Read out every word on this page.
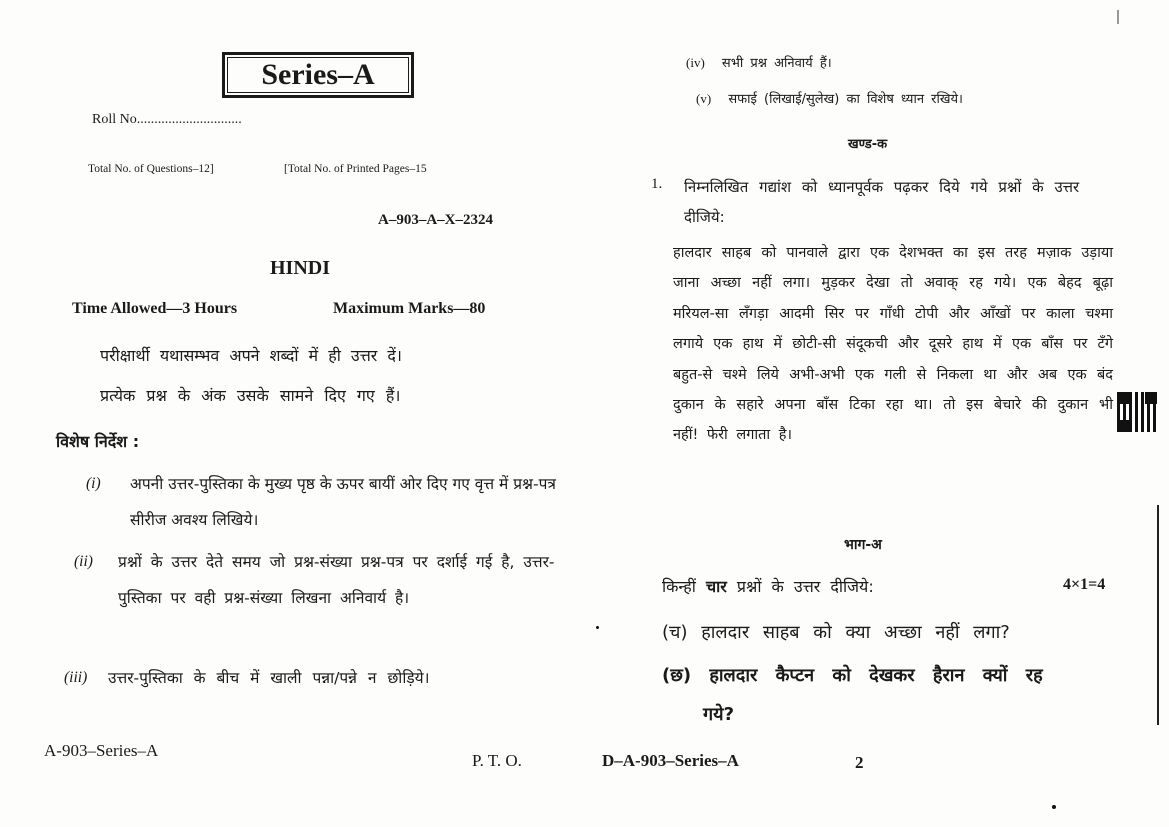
Series–A
Roll No..............................
Total No. of Questions–12]	[Total No. of Printed Pages–15
A–903–A–X–2324
HINDI
Time Allowed—3 Hours	Maximum Marks—80
परीक्षार्थी यथासम्भव अपने शब्दों में ही उत्तर दें।
प्रत्येक प्रश्न के अंक उसके सामने दिए गए हैं।
विशेष निर्देश :
(i) अपनी उत्तर-पुस्तिका के मुख्य पृष्ठ के ऊपर बायीं ओर दिए गए वृत्त में प्रश्न-पत्र सीरीज अवश्य लिखिये।
(ii) प्रश्नों के उत्तर देते समय जो प्रश्न-संख्या प्रश्न-पत्र पर दर्शाई गई है, उत्तर-पुस्तिका पर वही प्रश्न-संख्या लिखना अनिवार्य है।
(iii) उत्तर-पुस्तिका के बीच में खाली पन्ना/पन्ने न छोड़िये।
A-903–Series–A
P. T. O.
(iv) सभी प्रश्न अनिवार्य हैं।
(v) सफाई (लिखाई/सुलेख) का विशेष ध्यान रखिये।
खण्ड-क
1. निम्नलिखित गद्यांश को ध्यानपूर्वक पढ़कर दिये गये प्रश्नों के उत्तर दीजिये:
हालदार साहब को पानवाले द्वारा एक देशभक्त का इस तरह मज़ाक उड़ाया जाना अच्छा नहीं लगा। मुड़कर देखा तो अवाक् रह गये। एक बेहद बूढ़ा मरियल-सा लँगड़ा आदमी सिर पर गाँधी टोपी और आँखों पर काला चश्मा लगाये एक हाथ में छोटी-सी संदूकची और दूसरे हाथ में एक बाँस पर टँगे बहुत-से चश्मे लिये अभी-अभी एक गली से निकला था और अब एक बंद दुकान के सहारे अपना बाँस टिका रहा था। तो इस बेचारे की दुकान भी नहीं! फेरी लगाता है।
भाग-अ
किन्हीं चार प्रश्नों के उत्तर दीजिये:	4×1=4
(च) हालदार साहब को क्या अच्छा नहीं लगा?
(छ) हालदार कैप्टन को देखकर हैरान क्यों रह
गये?
D–A-903–Series–A	2
